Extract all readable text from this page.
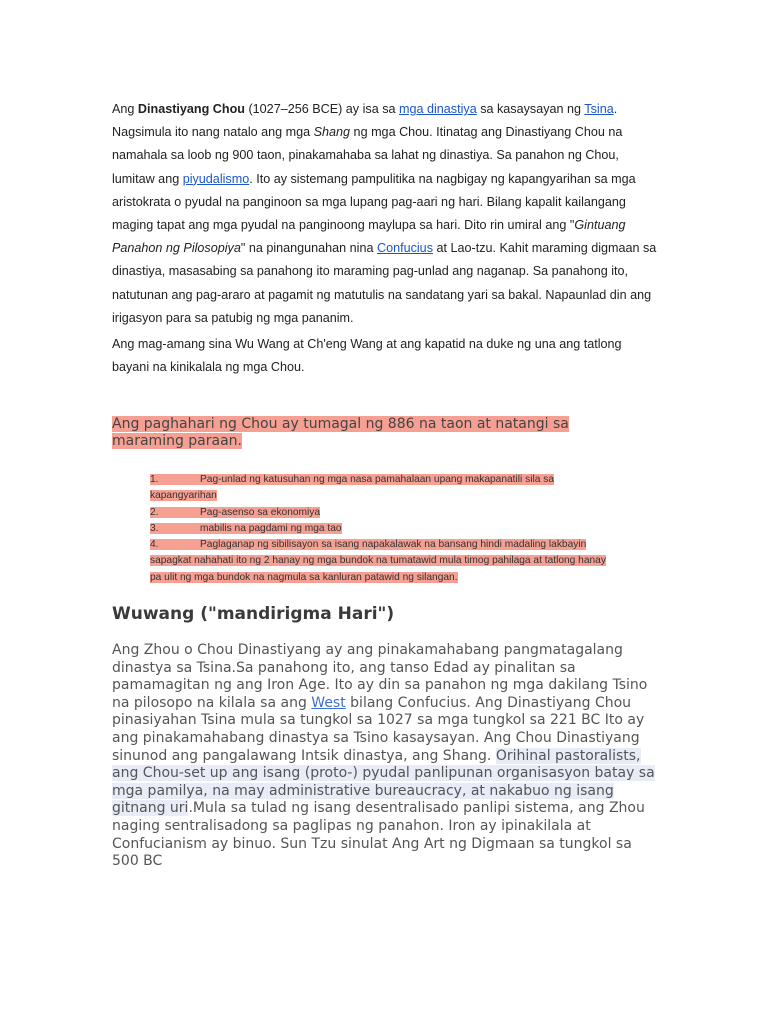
Ang Dinastiyang Chou (1027–256 BCE) ay isa sa mga dinastiya sa kasaysayan ng Tsina. Nagsimula ito nang natalo ang mga Shang ng mga Chou. Itinatag ang Dinastiyang Chou na namahala sa loob ng 900 taon, pinakamahaba sa lahat ng dinastiya. Sa panahon ng Chou, lumitaw ang piyudalismo. Ito ay sistemang pampulitika na nagbigay ng kapangyarihan sa mga aristokrata o pyudal na panginoon sa mga lupang pag-aari ng hari. Bilang kapalit kailangang maging tapat ang mga pyudal na panginoong maylupa sa hari. Dito rin umiral ang "Gintuang Panahon ng Pilosopiya" na pinangunahan nina Confucius at Lao-tzu. Kahit maraming digmaan sa dinastiya, masasabing sa panahong ito maraming pag-unlad ang naganap. Sa panahong ito, natutunan ang pag-araro at pagamit ng matutulis na sandatang yari sa bakal. Napaunlad din ang irigasyon para sa patubig ng mga pananim.
Ang mag-amang sina Wu Wang at Ch'eng Wang at ang kapatid na duke ng una ang tatlong bayani na kinikalala ng mga Chou.
Ang paghahari ng Chou ay tumagal ng 886 na taon at natangi sa maraming paraan.
1.	Pag-unlad ng katusuhan ng mga nasa pamahalaan upang makapanatili sila sa kapangyarihan
2.	Pag-asenso sa ekonomiya
3.	mabilis na pagdami ng mga tao
4.	Paglaganap ng sibilisayon sa isang napakalawak na bansang hindi madaling lakbayin sapagkat nahahati ito ng 2 hanay ng mga bundok na tumatawid mula timog pahilaga at tatlong hanay pa ulit ng mga bundok na nagmula sa kanluran patawid ng silangan.
Wuwang ("mandirigma Hari")
Ang Zhou o Chou Dinastiyang ay ang pinakamahabang pangmatagalang dinastya sa Tsina.Sa panahong ito, ang tanso Edad ay pinalitan sa pamamagitan ng ang Iron Age. Ito ay din sa panahon ng mga dakilang Tsino na pilosopo na kilala sa ang West bilang Confucius. Ang Dinastiyang Chou pinasiyahan Tsina mula sa tungkol sa 1027 sa mga tungkol sa 221 BC Ito ay ang pinakamahabang dinastya sa Tsino kasaysayan. Ang Chou Dinastiyang sinunod ang pangalawang Intsik dinastya, ang Shang. Orihinal pastoralists, ang Chou-set up ang isang (proto-) pyudal panlipunan organisasyon batay sa mga pamilya, na may administrative bureaucracy, at nakabuo ng isang gitnang uri.Mula sa tulad ng isang desentralisado panlipi sistema, ang Zhou naging sentralisadong sa paglipas ng panahon. Iron ay ipinakilala at Confucianism ay binuo. Sun Tzu sinulat Ang Art ng Digmaan sa tungkol sa 500 BC
